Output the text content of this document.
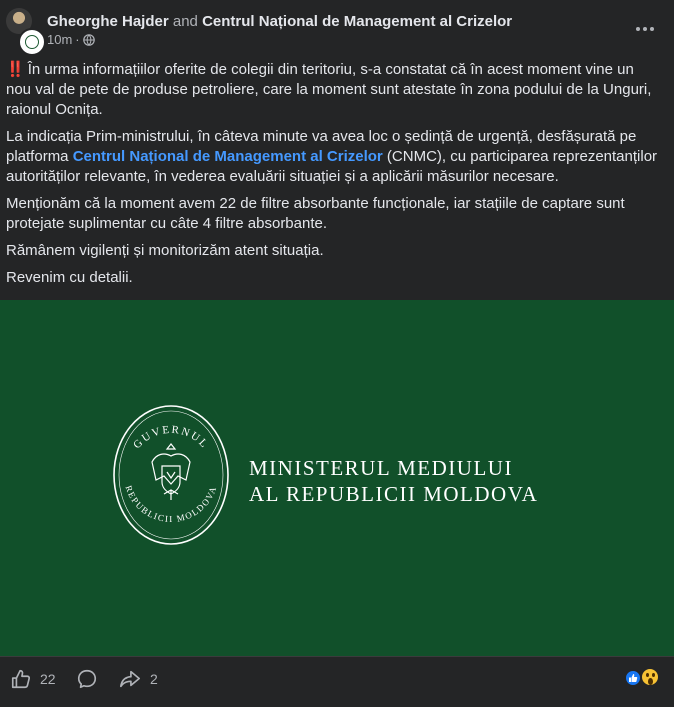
Gheorghe Hajder and Centrul Național de Management al Crizelor
10m ·

‼️ În urma informațiilor oferite de colegii din teritoriu, s-a constatat că în acest moment vine un nou val de pete de produse petroliere, care la moment sunt atestate în zona podului de la Unguri, raionul Ocnița.

La indicația Prim-ministrului, în câteva minute va avea loc o ședință de urgență, desfășurată pe platforma Centrul Național de Management al Crizelor (CNMC), cu participarea reprezentanților autorităților relevante, în vederea evaluării situației și a aplicării măsurilor necesare.

Menționăm că la moment avem 22 de filtre absorbante funcționale, iar stațiile de captare sunt protejate suplimentar cu câte 4 filtre absorbante.

Rămânem vigilenți și monitorizăm atent situația.

Revenim cu detalii.

GUVERNUL
REPUBLICII MOLDOVA
MINISTERUL MEDIULUI
AL REPUBLICII MOLDOVA
22	2
